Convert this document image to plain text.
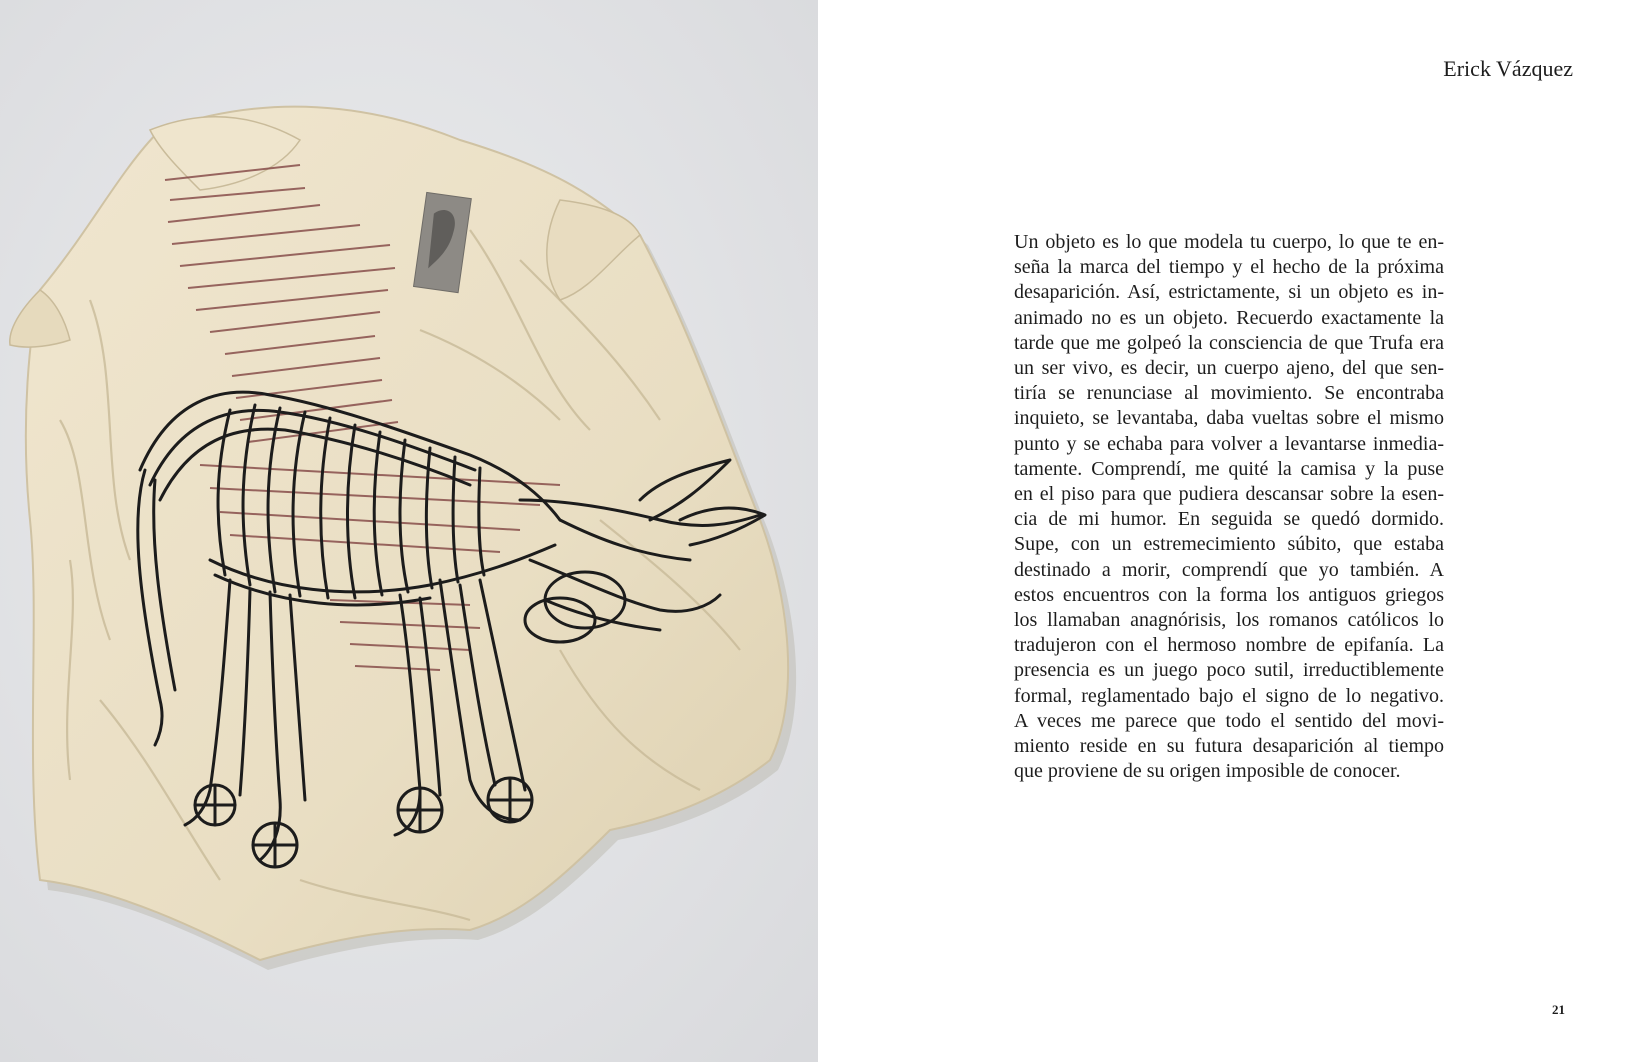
Erick Vázquez
Un objeto es lo que modela tu cuerpo, lo que te en-
seña la marca del tiempo y el hecho de la próxima
desaparición. Así, estrictamente, si un objeto es in-
animado no es un objeto. Recuerdo exactamente la
tarde que me golpeó la consciencia de que Trufa era
un ser vivo, es decir, un cuerpo ajeno, del que sen-
tiría se renunciase al movimiento. Se encontraba
inquieto, se levantaba, daba vueltas sobre el mismo
punto y se echaba para volver a levantarse inmedia-
tamente. Comprendí, me quité la camisa y la puse
en el piso para que pudiera descansar sobre la esen-
cia de mi humor. En seguida se quedó dormido.
Supe, con un estremecimiento súbito, que estaba
destinado a morir, comprendí que yo también. A
estos encuentros con la forma los antiguos griegos
los llamaban anagnórisis, los romanos católicos lo
tradujeron con el hermoso nombre de epifanía. La
presencia es un juego poco sutil, irreductiblemente
formal, reglamentado bajo el signo de lo negativo.
A veces me parece que todo el sentido del movi-
miento reside en su futura desaparición al tiempo
que proviene de su origen imposible de conocer.

21
